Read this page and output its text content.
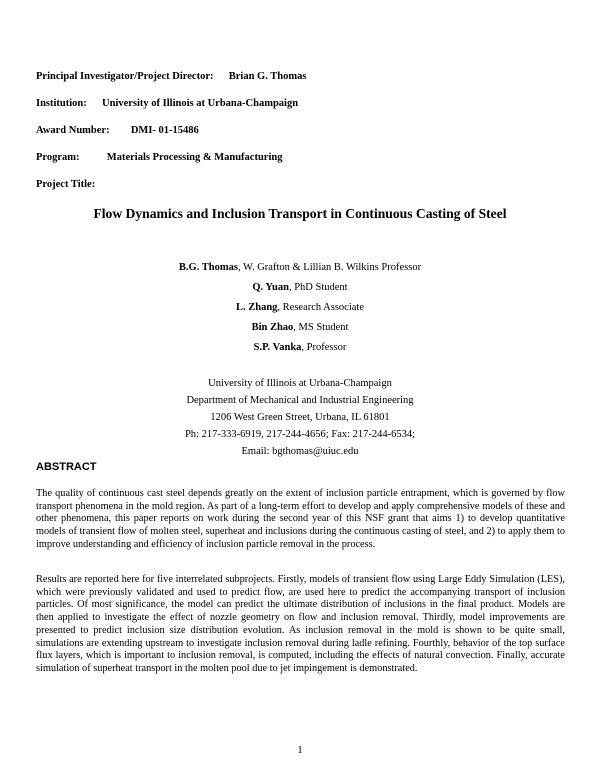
Principal Investigator/Project Director: Brian G. Thomas
Institution: University of Illinois at Urbana-Champaign
Award Number: DMI- 01-15486
Program:	Materials Processing & Manufacturing
Project Title:
Flow Dynamics and Inclusion Transport in Continuous Casting of Steel
B.G. Thomas, W. Grafton & Lillian B. Wilkins Professor
Q. Yuan, PhD Student
L. Zhang, Research Associate
Bin Zhao, MS Student
S.P. Vanka, Professor
University of Illinois at Urbana-Champaign
Department of Mechanical and Industrial Engineering
1206 West Green Street, Urbana, IL 61801
Ph: 217-333-6919, 217-244-4656; Fax: 217-244-6534;
Email: bgthomas@uiuc.edu
ABSTRACT

The quality of continuous cast steel depends greatly on the extent of inclusion particle entrapment, which is governed by flow transport phenomena in the mold region. As part of a long-term effort to develop and apply comprehensive models of these and other phenomena, this paper reports on work during the second year of this NSF grant that aims 1) to develop quantitative models of transient flow of molten steel, superheat and inclusions during the continuous casting of steel, and 2) to apply them to improve understanding and efficiency of inclusion particle removal in the process.

Results are reported here for five interrelated subprojects. Firstly, models of transient flow using Large Eddy Simulation (LES), which were previously validated and used to predict flow, are used here to predict the accompanying transport of inclusion particles. Of most significance, the model can predict the ultimate distribution of inclusions in the final product. Models are then applied to investigate the effect of nozzle geometry on flow and inclusion removal. Thirdly, model improvements are presented to predict inclusion size distribution evolution. As inclusion removal in the mold is shown to be quite small, simulations are extending upstream to investigate inclusion removal during ladle refining. Fourthly, behavior of the top surface flux layers, which is important to inclusion removal, is computed, including the effects of natural convection. Finally, accurate simulation of superheat transport in the molten pool due to jet impingement is demonstrated.

1
